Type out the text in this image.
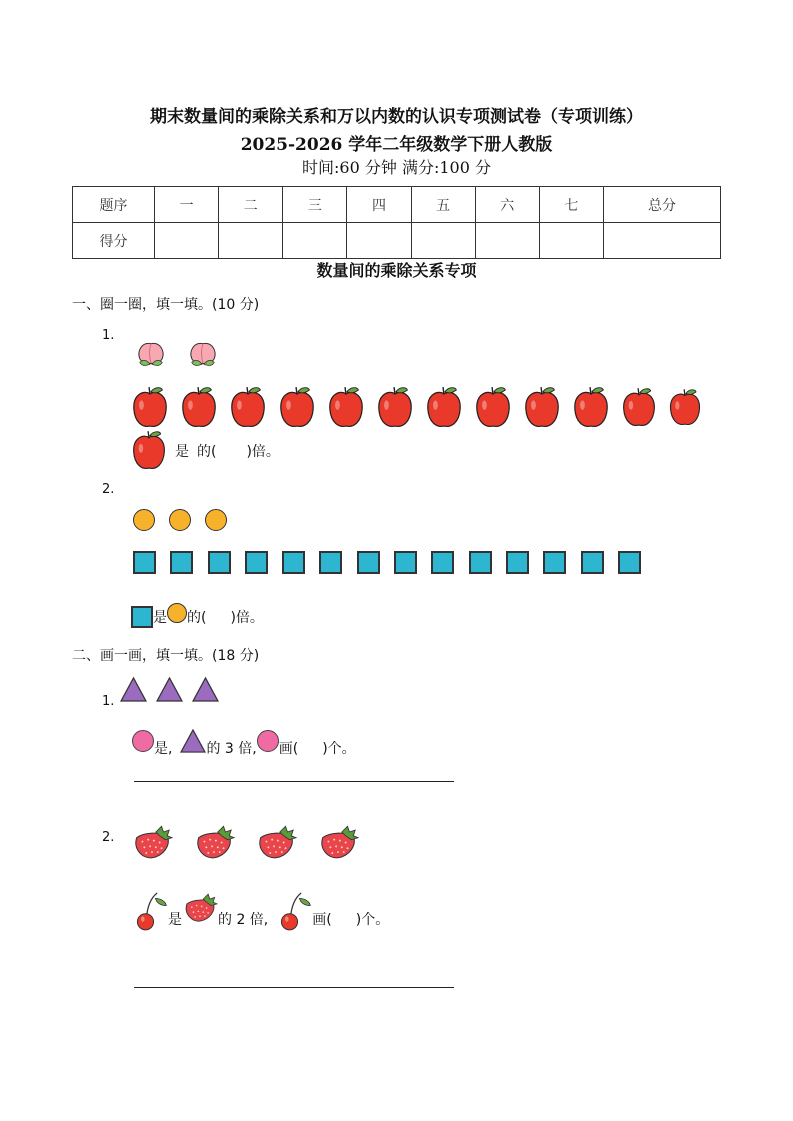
期末数量间的乘除关系和万以内数的认识专项测试卷（专项训练）
2025-2026 学年二年级数学下册人教版
时间:60 分钟 满分:100 分
题序	一	二	三	四	五	六	七	总分
得分								
数量间的乘除关系专项
一、圈一圈，填一填。(10 分)
1.
是 的( )倍。
2.
是 的( )倍。
二、画一画，填一填。(18 分)
1.
是, 的 3 倍, 画( )个。
2.
是	的 2 倍,	画( )个。
